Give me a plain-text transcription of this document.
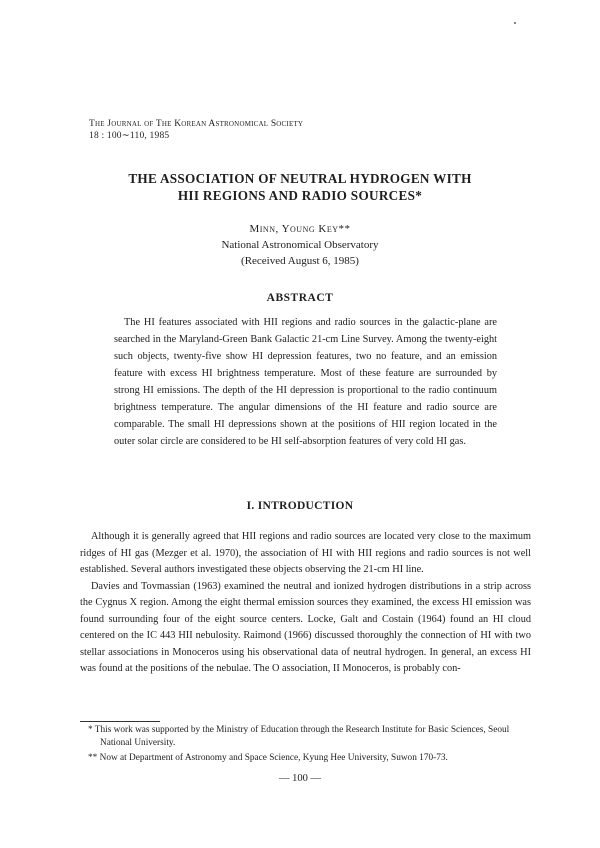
The Journal of The Korean Astronomical Society
18 : 100∼110, 1985
THE ASSOCIATION OF NEUTRAL HYDROGEN WITH
HII REGIONS AND RADIO SOURCES*
Minn, Young Key**
National Astronomical Observatory
(Received August 6, 1985)
ABSTRACT

The HI features associated with HII regions and radio sources in the galactic-plane are searched in the Maryland-Green Bank Galactic 21-cm Line Survey. Among the twenty-eight such objects, twenty-five show HI depression features, two no feature, and an emission feature with excess HI brightness temperature. Most of these feature are surrounded by strong HI emissions. The depth of the HI depression is proportional to the radio continuum brightness temperature. The angular dimensions of the HI feature and radio source are comparable. The small HI depressions shown at the positions of HII region located in the outer solar circle are considered to be HI self-absorption features of very cold HI gas.

I. INTRODUCTION

Although it is generally agreed that HII regions and radio sources are located very close to the maximum ridges of HI gas (Mezger et al. 1970), the association of HI with HII regions and radio sources is not well established. Several authors investigated these objects observing the 21-cm HI line.

Davies and Tovmassian (1963) examined the neutral and ionized hydrogen distributions in a strip across the Cygnus X region. Among the eight thermal emission sources they examined, the excess HI emission was found surrounding four of the eight source centers. Locke, Galt and Costain (1964) found an HI cloud centered on the IC 443 HII nebulosity. Raimond (1966) discussed thoroughly the connection of HI with two stellar associations in Monoceros using his observational data of neutral hydrogen. In general, an excess HI was found at the positions of the nebulae. The O association, II Monoceros, is probably con-

* This work was supported by the Ministry of Education through the Research Institute for Basic Sciences, Seoul National University.

** Now at Department of Astronomy and Space Science, Kyung Hee University, Suwon 170-73.

— 100 —
